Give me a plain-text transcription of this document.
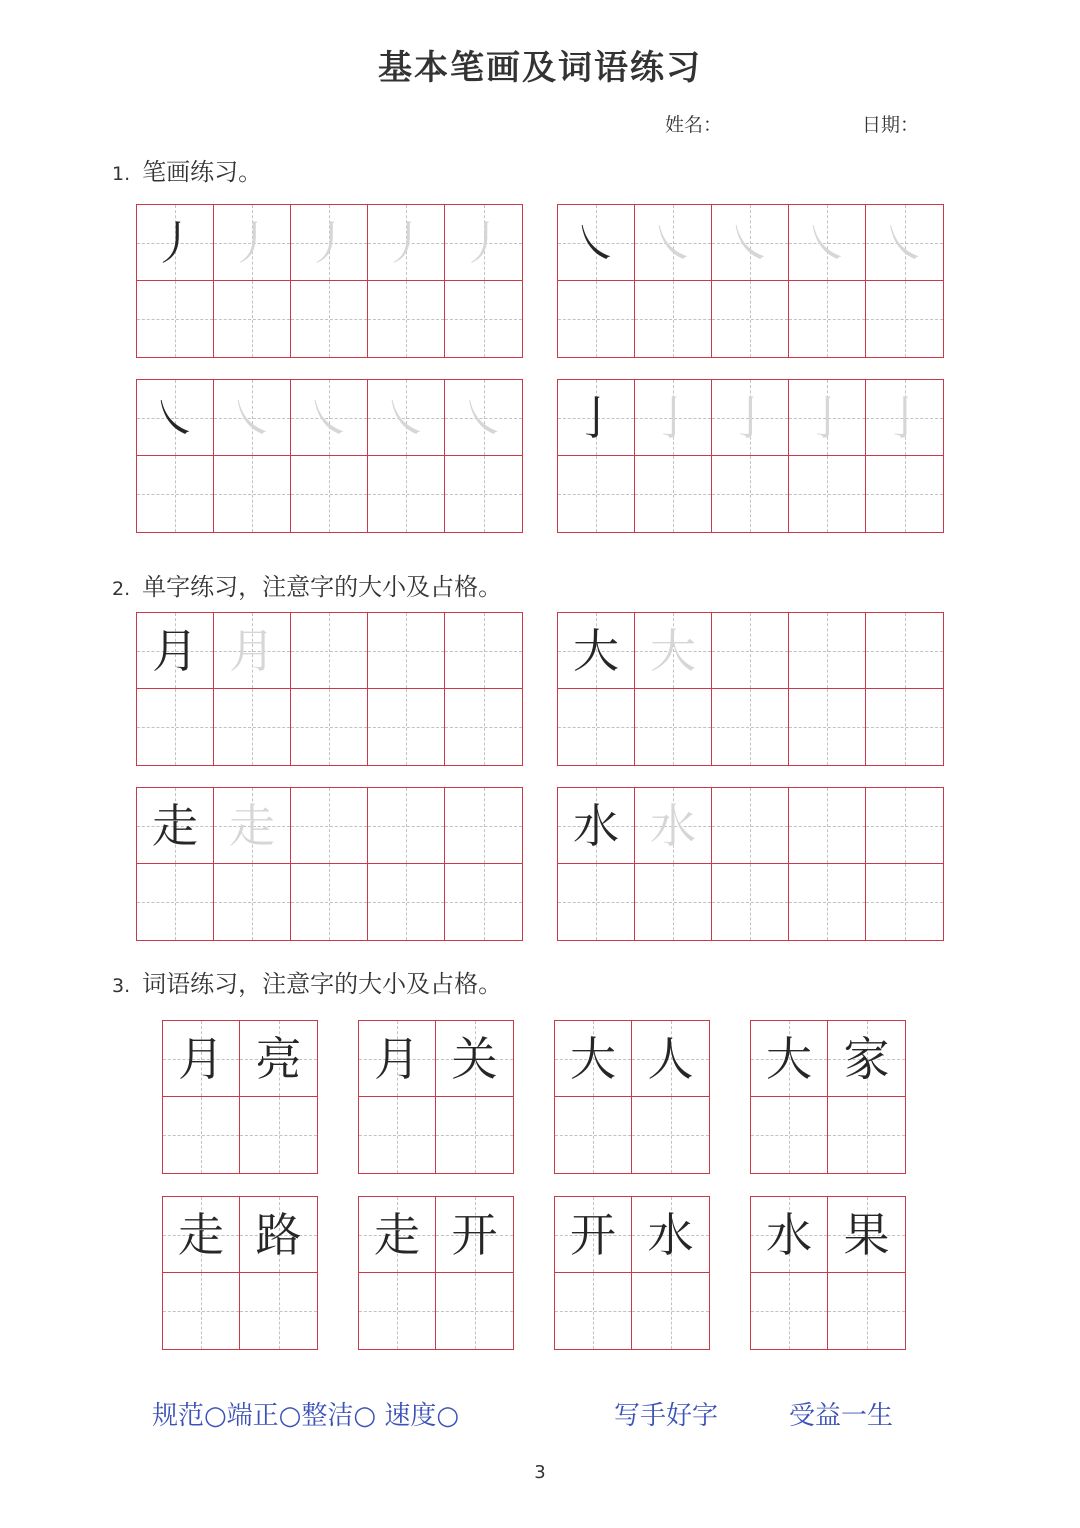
基本笔画及词语练习
姓名：	日期：
1. 笔画练习。
2. 单字练习，注意字的大小及占格。
3. 词语练习，注意字的大小及占格。
丿 丿 丿 丿 丿	㇏ ㇏ ㇏ ㇏ ㇏
㇏ ㇏ ㇏ ㇏ ㇏	亅 亅 亅 亅 亅
月 月	大 大
走 走	水 水
月 亮	月 关	大 人	大 家
走 路	走 开	开 水	水 果
规范○端正○整洁○ 速度○	写手好字	受益一生
3
